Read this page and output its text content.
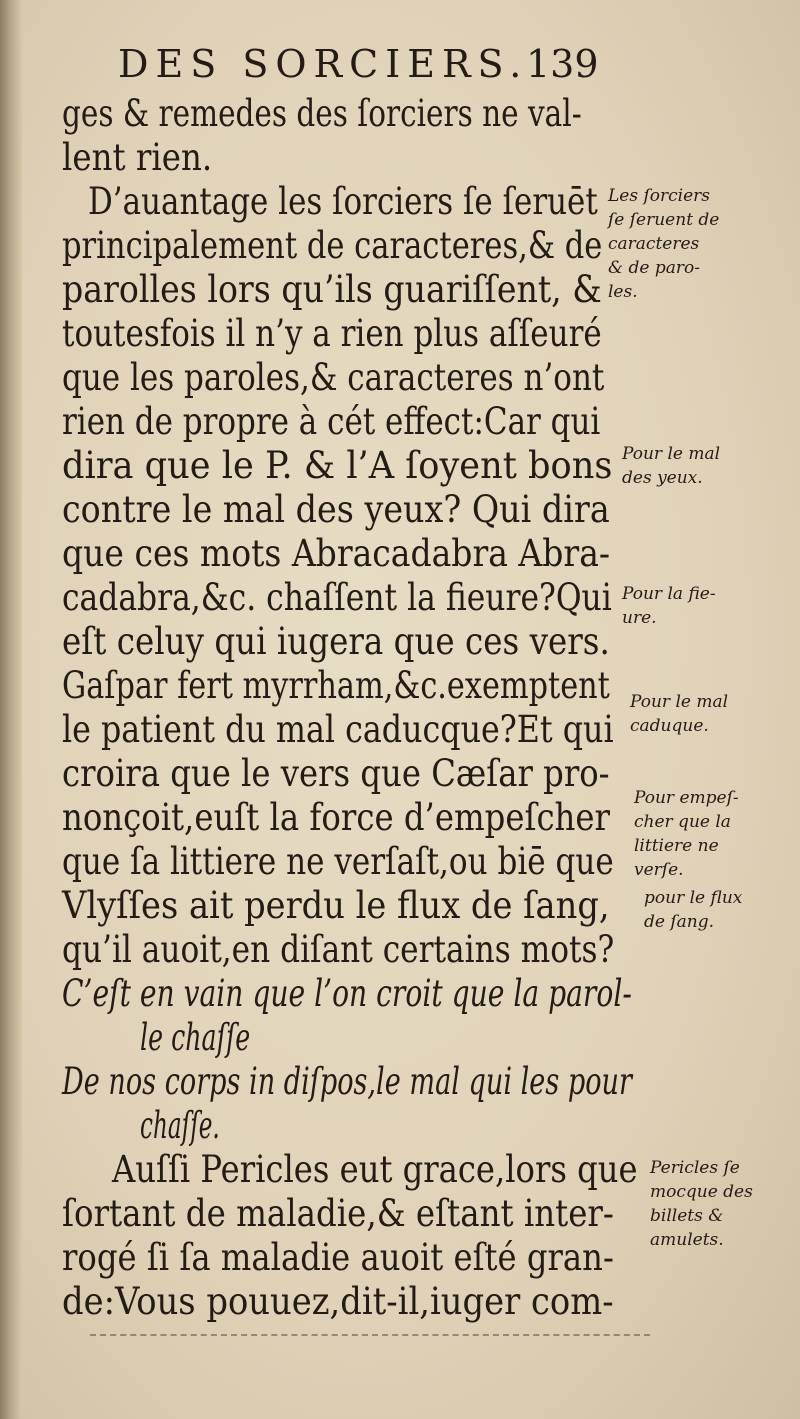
DES SORCIERS.
139
ges & remedes des ſorciers ne val-
lent rien.
D’auantage les ſorciers ſe ſeruēt
principalement de caracteres,& de
parolles lors qu’ils guariſſent, &
toutesfois il n’y a rien plus aſſeuré
que les paroles,& caracteres n’ont
rien de propre à cét effect:Car qui
dira que le P. & l’A ſoyent bons
contre le mal des yeux? Qui dira
que ces mots Abracadabra Abra-
cadabra,&c. chaſſent la fieure?Qui
eſt celuy qui iugera que ces vers.
Gaſpar fert myrrham,&c.exemptent
le patient du mal caducque?Et qui
croira que le vers que Cæſar pro-
nonçoit,euſt la force d’empeſcher
que ſa littiere ne verſaſt,ou biē que
Vlyſſes ait perdu le flux de ſang,
qu’il auoit,en diſant certains mots?
C’eſt en vain que l’on croit que la parol-
le chaſſe
De nos corps in diſpos,le mal qui les pour
chaſſe.
Auſſi Pericles eut grace,lors que
ſortant de maladie,& eſtant inter-
rogé ſi ſa maladie auoit eſté gran-
de:Vous pouuez,dit-il,iuger com-
Les ſorciers
ſe ſeruent de
caracteres
& de paro-
les.
Pour le mal
des yeux.
Pour la fie-
ure.
Pour le mal
caduque.
Pour empeſ-
cher que la
littiere ne
verſe.
pour le flux
de ſang.
Pericles ſe
mocque des
billets &
amulets.
